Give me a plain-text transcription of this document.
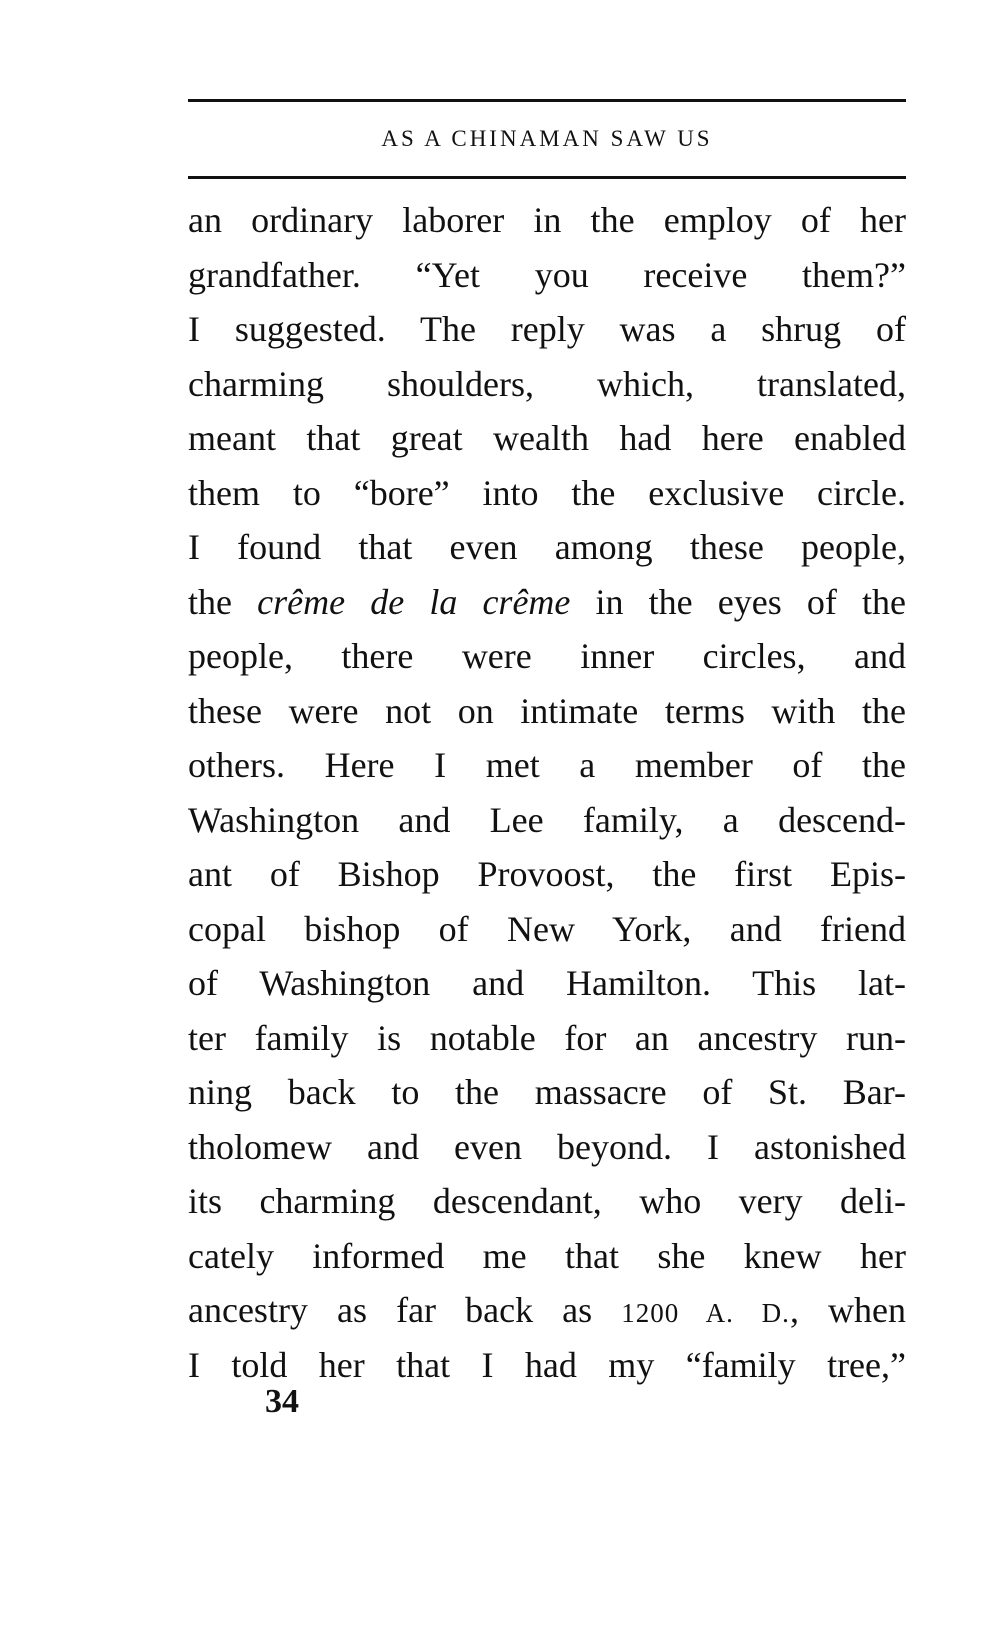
AS A CHINAMAN SAW US
an ordinary laborer in the employ of her
grandfather. “Yet you receive them?”
I suggested. The reply was a shrug of
charming shoulders, which, translated,
meant that great wealth had here enabled
them to “bore” into the exclusive circle.
I found that even among these people,
the crême de la crême in the eyes of the
people, there were inner circles, and
these were not on intimate terms with the
others. Here I met a member of the
Washington and Lee family, a descend-
ant of Bishop Provoost, the first Epis-
copal bishop of New York, and friend
of Washington and Hamilton. This lat-
ter family is notable for an ancestry run-
ning back to the massacre of St. Bar-
tholomew and even beyond. I astonished
its charming descendant, who very deli-
cately informed me that she knew her
ancestry as far back as 1200 A. D., when
I told her that I had my “family tree,”
34
